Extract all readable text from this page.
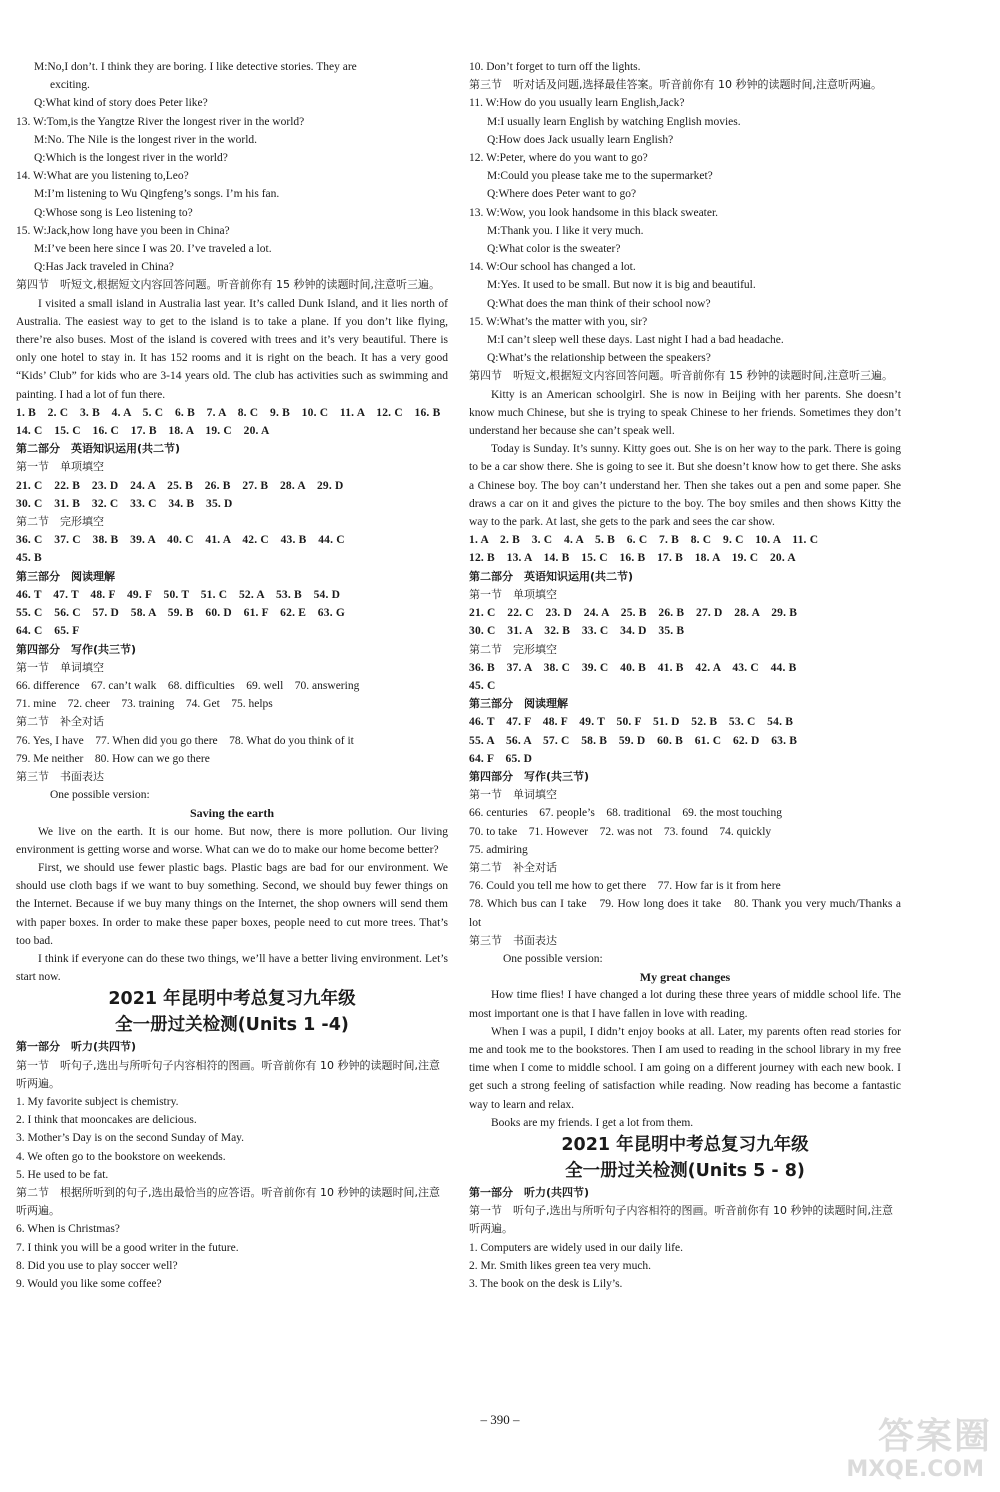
M:No,I don’t. I think they are boring. I like detective stories. They are

exciting.

Q:What kind of story does Peter like?

13. W:Tom,is the Yangtze River the longest river in the world?

M:No. The Nile is the longest river in the world.

Q:Which is the longest river in the world?

14. W:What are you listening to,Leo?

M:I’m listening to Wu Qingfeng’s songs. I’m his fan.

Q:Whose song is Leo listening to?

15. W:Jack,how long have you been in China?

M:I’ve been here since I was 20. I’ve traveled a lot.

Q:Has Jack traveled in China?

第四节　听短文,根据短文内容回答问题。听音前你有 15 秒钟的读题时间,注意听三遍。

I visited a small island in Australia last year. It’s called Dunk Island, and it lies north of Australia. The easiest way to get to the island is to take a plane. If you don’t like flying, there’re also buses. Most of the island is covered with trees and it’s very beautiful. There is only one hotel to stay in. It has 152 rooms and it is right on the beach. It has a very good “Kids’ Club” for kids who are 3-14 years old. The club has activities such as swimming and painting. I had a lot of fun there.

1. B　2. C　3. B　4. A　5. C　6. B　7. A　8. C　9. B　10. C　11. A　12. C　16. B　14. C　15. C　16. C　17. B　18. A　19. C　20. A

第二部分　英语知识运用(共二节)

第一节　单项填空

21. C　22. B　23. D　24. A　25. B　26. B　27. B　28. A　29. D

30. C　31. B　32. C　33. C　34. B　35. D

第二节　完形填空

36. C　37. C　38. B　39. A　40. C　41. A　42. C　43. B　44. C

45. B

第三部分　阅读理解

46. T　47. T　48. F　49. F　50. T　51. C　52. A　53. B　54. D

55. C　56. C　57. D　58. A　59. B　60. D　61. F　62. E　63. G

64. C　65. F

第四部分　写作(共三节)

第一节　单词填空

66. difference　67. can’t walk　68. difficulties　69. well　70. answering

71. mine　72. cheer　73. training　74. Get　75. helps

第二节　补全对话

76. Yes, I have　77. When did you go there　78. What do you think of it

79. Me neither　80. How can we go there

第三节　书面表达

One possible version:

Saving the earth

We live on the earth. It is our home. But now, there is more pollution. Our living environment is getting worse and worse. What can we do to make our home become better?

First, we should use fewer plastic bags. Plastic bags are bad for our environment. We should use cloth bags if we want to buy something. Second, we should buy fewer things on the Internet. Because if we buy many things on the Internet, the shop owners will send them with paper boxes. In order to make these paper boxes, people need to cut more trees. That’s too bad.

I think if everyone can do these two things, we’ll have a better living environment. Let’s start now.

2021 年昆明中考总复习九年级

全一册过关检测(Units 1 -4)

第一部分　听力(共四节)

第一节　听句子,选出与所听句子内容相符的图画。听音前你有 10 秒钟的读题时间,注意听两遍。

1. My favorite subject is chemistry.

2. I think that mooncakes are delicious.

3. Mother’s Day is on the second Sunday of May.

4. We often go to the bookstore on weekends.

5. He used to be fat.

第二节　根据所听到的句子,选出最恰当的应答语。听音前你有 10 秒钟的读题时间,注意听两遍。

6. When is Christmas?

7. I think you will be a good writer in the future.

8. Did you use to play soccer well?

9. Would you like some coffee?

10. Don’t forget to turn off the lights.

第三节　听对话及问题,选择最佳答案。听音前你有 10 秒钟的读题时间,注意听两遍。

11. W:How do you usually learn English,Jack?

M:I usually learn English by watching English movies.

Q:How does Jack usually learn English?

12. W:Peter, where do you want to go?

M:Could you please take me to the supermarket?

Q:Where does Peter want to go?

13. W:Wow, you look handsome in this black sweater.

M:Thank you. I like it very much.

Q:What color is the sweater?

14. W:Our school has changed a lot.

M:Yes. It used to be small. But now it is big and beautiful.

Q:What does the man think of their school now?

15. W:What’s the matter with you, sir?

M:I can’t sleep well these days. Last night I had a bad headache.

Q:What’s the relationship between the speakers?

第四节　听短文,根据短文内容回答问题。听音前你有 15 秒钟的读题时间,注意听三遍。

Kitty is an American schoolgirl. She is now in Beijing with her parents. She doesn’t know much Chinese, but she is trying to speak Chinese to her friends. Sometimes they don’t understand her because she can’t speak well.

Today is Sunday. It’s sunny. Kitty goes out. She is on her way to the park. There is going to be a car show there. She is going to see it. But she doesn’t know how to get there. She asks a Chinese boy. The boy can’t understand her. Then she takes out a pen and some paper. She draws a car on it and gives the picture to the boy. The boy smiles and then shows Kitty the way to the park. At last, she gets to the park and sees the car show.

1. A　2. B　3. C　4. A　5. B　6. C　7. B　8. C　9. C　10. A　11. C

12. B　13. A　14. B　15. C　16. B　17. B　18. A　19. C　20. A

第二部分　英语知识运用(共二节)

第一节　单项填空

21. C　22. C　23. D　24. A　25. B　26. B　27. D　28. A　29. B

30. C　31. A　32. B　33. C　34. D　35. B

第二节　完形填空

36. B　37. A　38. C　39. C　40. B　41. B　42. A　43. C　44. B

45. C

第三部分　阅读理解

46. T　47. F　48. F　49. T　50. F　51. D　52. B　53. C　54. B

55. A　56. A　57. C　58. B　59. D　60. B　61. C　62. D　63. B

64. F　65. D

第四部分　写作(共三节)

第一节　单词填空

66. centuries　67. people’s　68. traditional　69. the most touching

70. to take　71. However　72. was not　73. found　74. quickly

75. admiring

第二节　补全对话

76. Could you tell me how to get there　77. How far is it from here

78. Which bus can I take　79. How long does it take　80. Thank you very much/Thanks a lot

第三节　书面表达

One possible version:

My great changes

How time flies! I have changed a lot during these three years of middle school life. The most important one is that I have fallen in love with reading.

When I was a pupil, I didn’t enjoy books at all. Later, my parents often read stories for me and took me to the bookstores. Then I am used to reading in the school library in my free time when I come to middle school. I am going on a different journey with each new book. I get such a strong feeling of satisfaction while reading. Now reading has become a fantastic way to learn and relax.

Books are my friends. I get a lot from them.

2021 年昆明中考总复习九年级

全一册过关检测(Units 5 - 8)

第一部分　听力(共四节)

第一节　听句子,选出与所听句子内容相符的图画。听音前你有 10 秒钟的读题时间,注意听两遍。

1. Computers are widely used in our daily life.

2. Mr. Smith likes green tea very much.

3. The book on the desk is Lily’s.

– 390 –	答案圈
MXQE.COM
